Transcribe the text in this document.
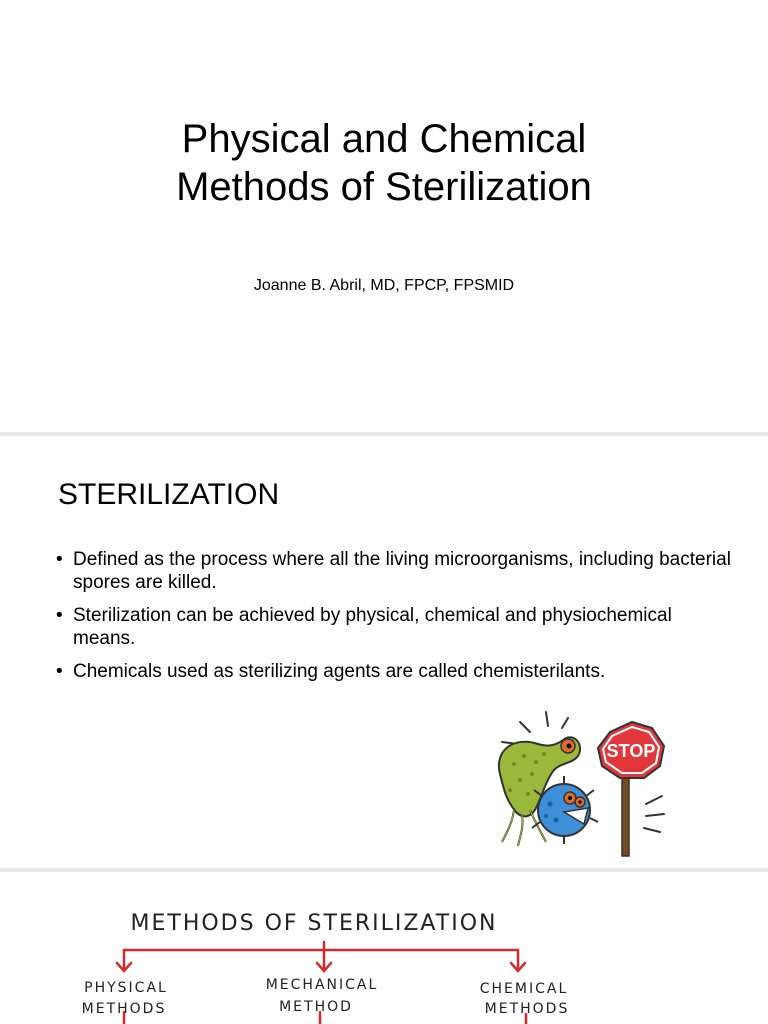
Physical and Chemical
Methods of Sterilization

Joanne B. Abril, MD, FPCP, FPSMID

STERILIZATION
• Defined as the process where all the living microorganisms, including bacterial spores are killed.
• Sterilization can be achieved by physical, chemical and physiochemical means.
• Chemicals used as sterilizing agents are called chemisterilants.
STOP
METHODS OF STERILIZATION
PHYSICAL
METHODS
MECHANICAL
METHOD
CHEMICAL
METHODS
